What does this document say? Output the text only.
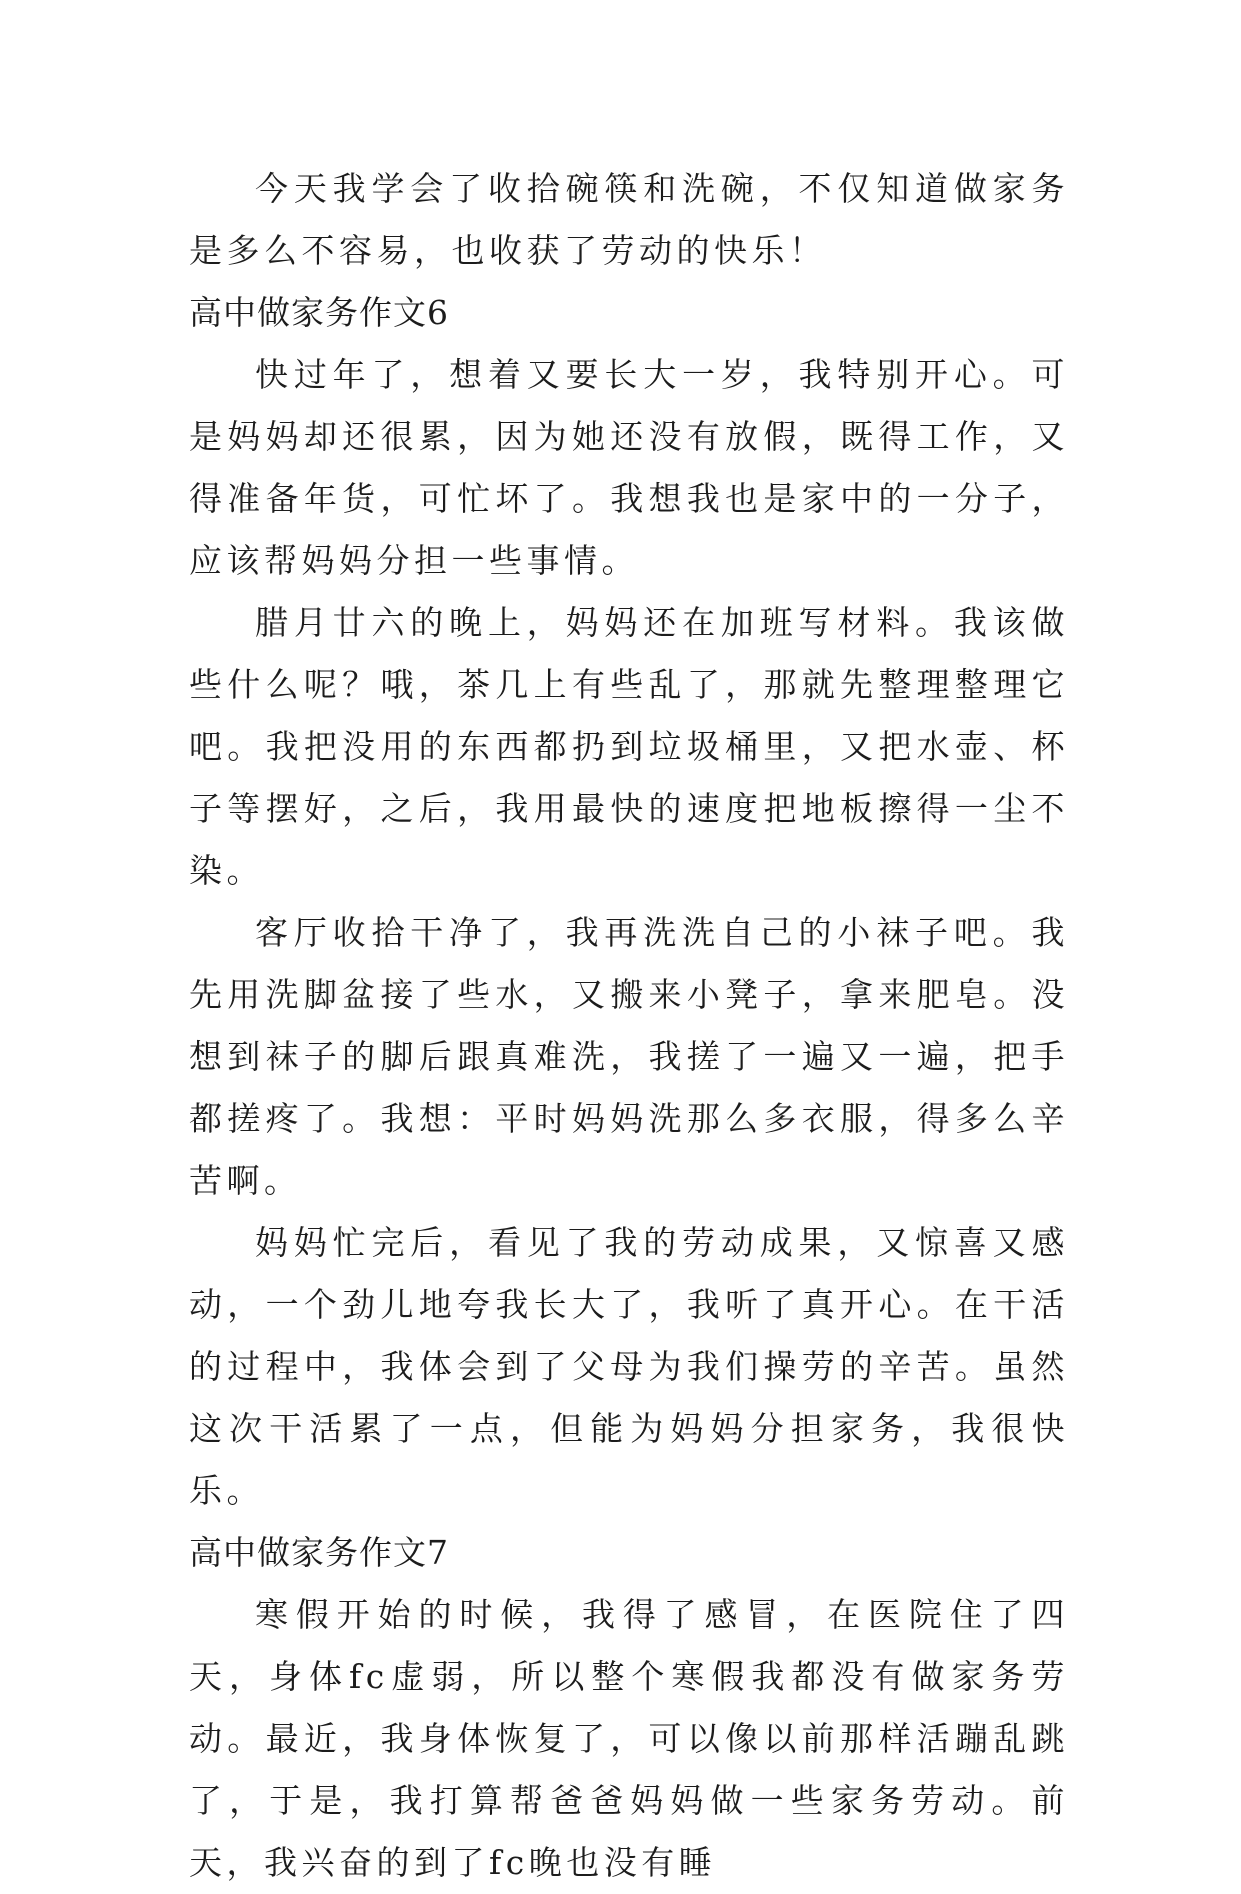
今天我学会了收拾碗筷和洗碗，不仅知道做家务是多么不容易，也收获了劳动的快乐！

高中做家务作文6

快过年了，想着又要长大一岁，我特别开心。可是妈妈却还很累，因为她还没有放假，既得工作，又得准备年货，可忙坏了。我想我也是家中的一分子，应该帮妈妈分担一些事情。

腊月廿六的晚上，妈妈还在加班写材料。我该做些什么呢？哦，茶几上有些乱了，那就先整理整理它吧。我把没用的东西都扔到垃圾桶里，又把水壶、杯子等摆好，之后，我用最快的速度把地板擦得一尘不染。

客厅收拾干净了，我再洗洗自己的小袜子吧。我先用洗脚盆接了些水，又搬来小凳子，拿来肥皂。没想到袜子的脚后跟真难洗，我搓了一遍又一遍，把手都搓疼了。我想：平时妈妈洗那么多衣服，得多么辛苦啊。

妈妈忙完后，看见了我的劳动成果，又惊喜又感动，一个劲儿地夸我长大了，我听了真开心。在干活的过程中，我体会到了父母为我们操劳的辛苦。虽然这次干活累了一点，但能为妈妈分担家务，我很快乐。

高中做家务作文7

寒假开始的时候，我得了感冒，在医院住了四天，身体fc虚弱，所以整个寒假我都没有做家务劳动。最近，我身体恢复了，可以像以前那样活蹦乱跳了，于是，我打算帮爸爸妈妈做一些家务劳动。前天，我兴奋的到了fc晚也没有睡
